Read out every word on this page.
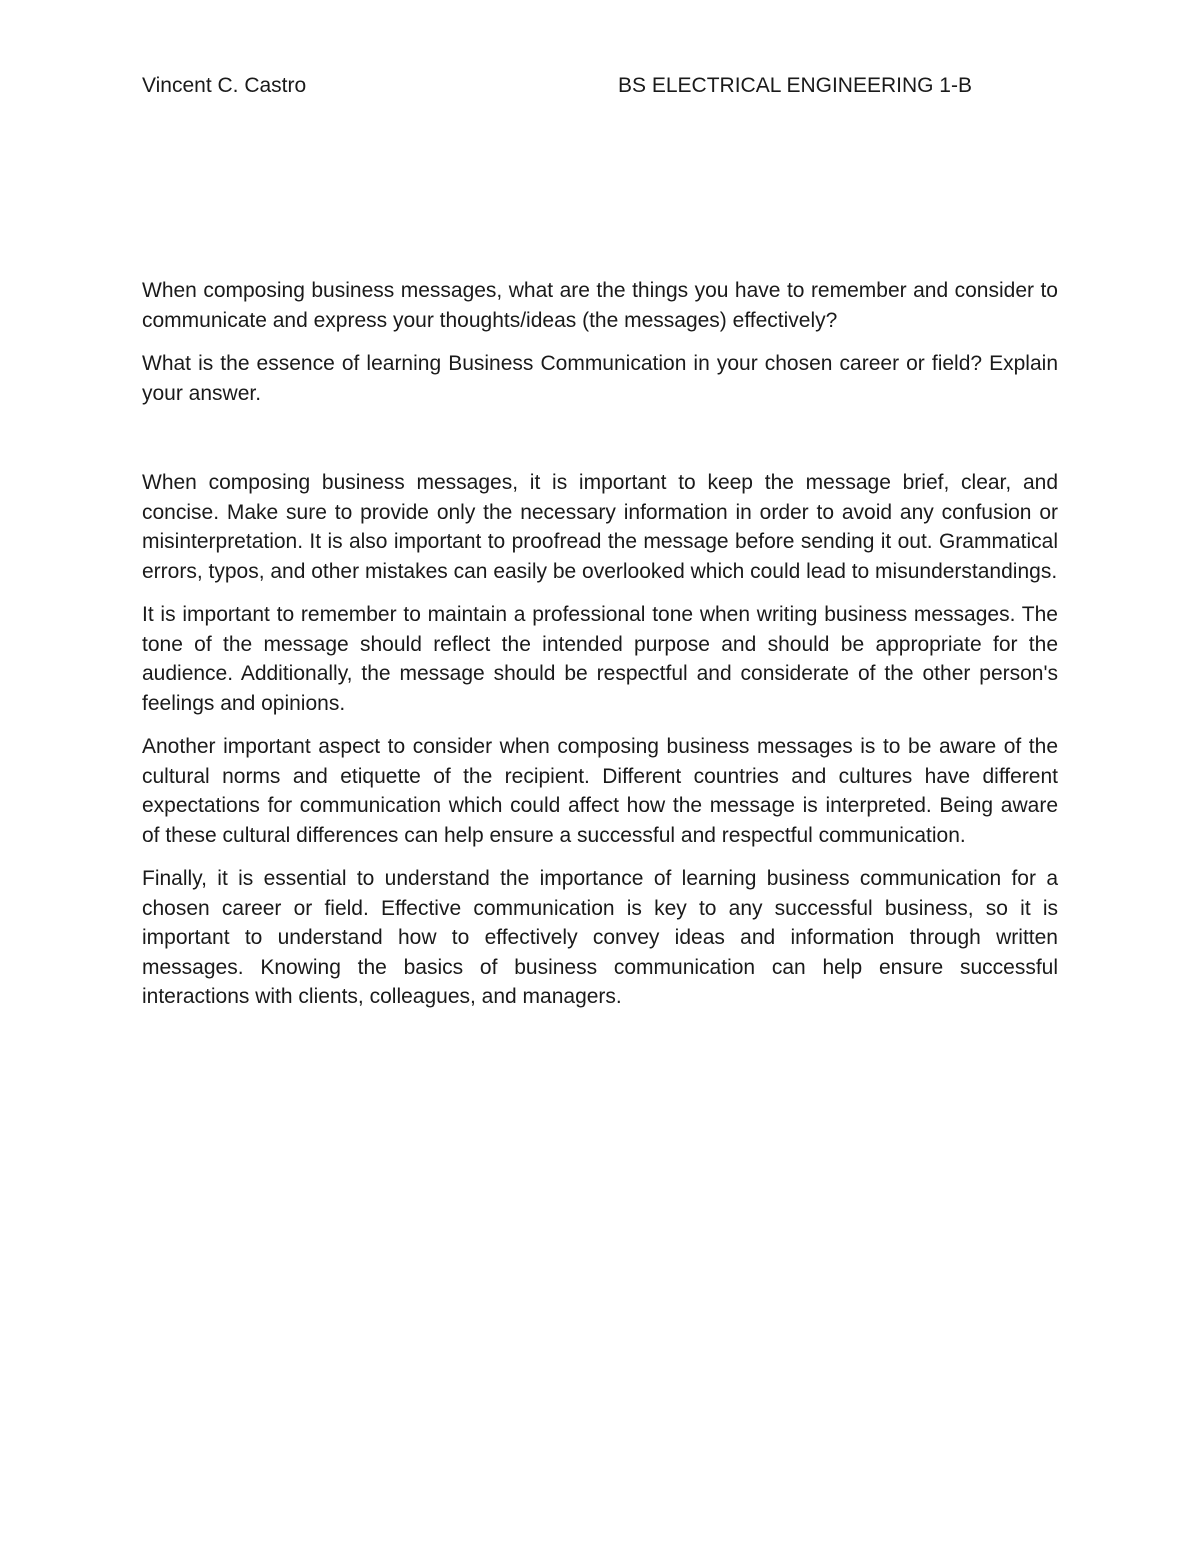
Vincent C. Castro	BS ELECTRICAL ENGINEERING 1-B

When composing business messages, what are the things you have to remember and consider to communicate and express your thoughts/ideas (the messages) effectively?

What is the essence of learning Business Communication in your chosen career or field? Explain your answer.

When composing business messages, it is important to keep the message brief, clear, and concise. Make sure to provide only the necessary information in order to avoid any confusion or misinterpretation. It is also important to proofread the message before sending it out. Grammatical errors, typos, and other mistakes can easily be overlooked which could lead to misunderstandings.

It is important to remember to maintain a professional tone when writing business messages. The tone of the message should reflect the intended purpose and should be appropriate for the audience. Additionally, the message should be respectful and considerate of the other person's feelings and opinions.

Another important aspect to consider when composing business messages is to be aware of the cultural norms and etiquette of the recipient. Different countries and cultures have different expectations for communication which could affect how the message is interpreted. Being aware of these cultural differences can help ensure a successful and respectful communication.

Finally, it is essential to understand the importance of learning business communication for a chosen career or field. Effective communication is key to any successful business, so it is important to understand how to effectively convey ideas and information through written messages. Knowing the basics of business communication can help ensure successful interactions with clients, colleagues, and managers.
